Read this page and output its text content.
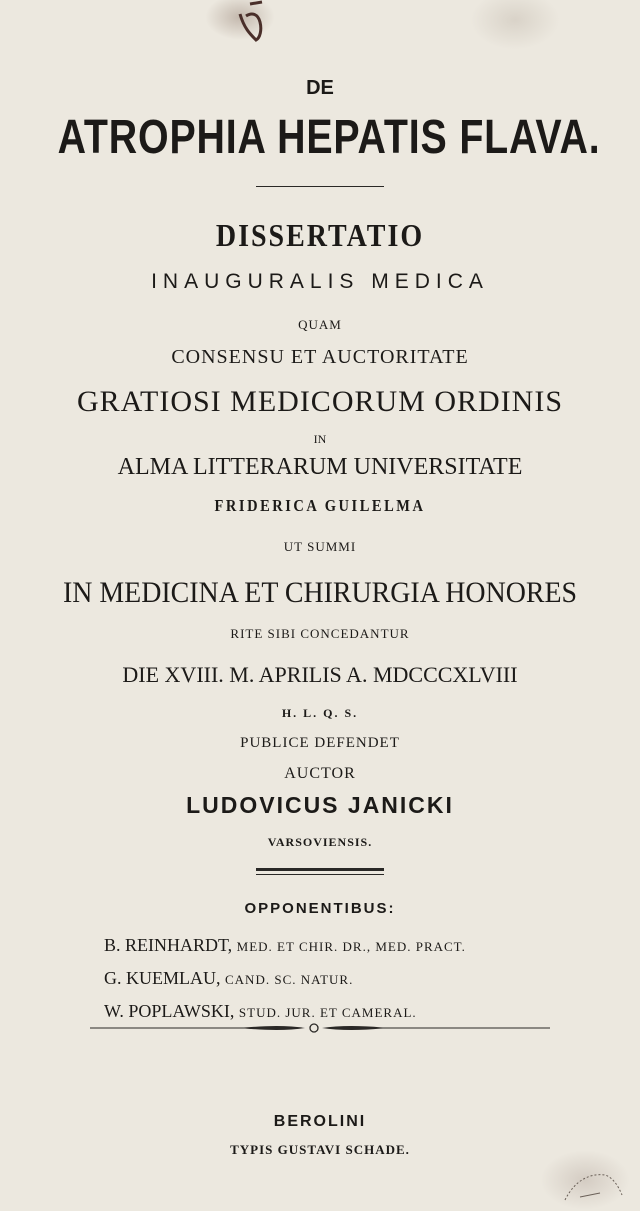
DE
ATROPHIA HEPATIS FLAVA.
DISSERTATIO
INAUGURALIS MEDICA
QUAM
CONSENSU ET AUCTORITATE
GRATIOSI MEDICORUM ORDINIS
IN
ALMA LITTERARUM UNIVERSITATE
FRIDERICA GUILELMA
UT SUMMI
IN MEDICINA ET CHIRURGIA HONORES
RITE SIBI CONCEDANTUR
DIE XVIII. M. APRILIS A. MDCCCXLVIII
H. L. Q. S.
PUBLICE DEFENDET
AUCTOR
LUDOVICUS JANICKI
VARSOVIENSIS.
OPPONENTIBUS:
B. REINHARDT, MED. ET CHIR. DR., MED. PRACT.
G. KUEMLAU, CAND. SC. NATUR.
W. POPLAWSKI, STUD. JUR. ET CAMERAL.
BEROLINI
TYPIS GUSTAVI SCHADE.
